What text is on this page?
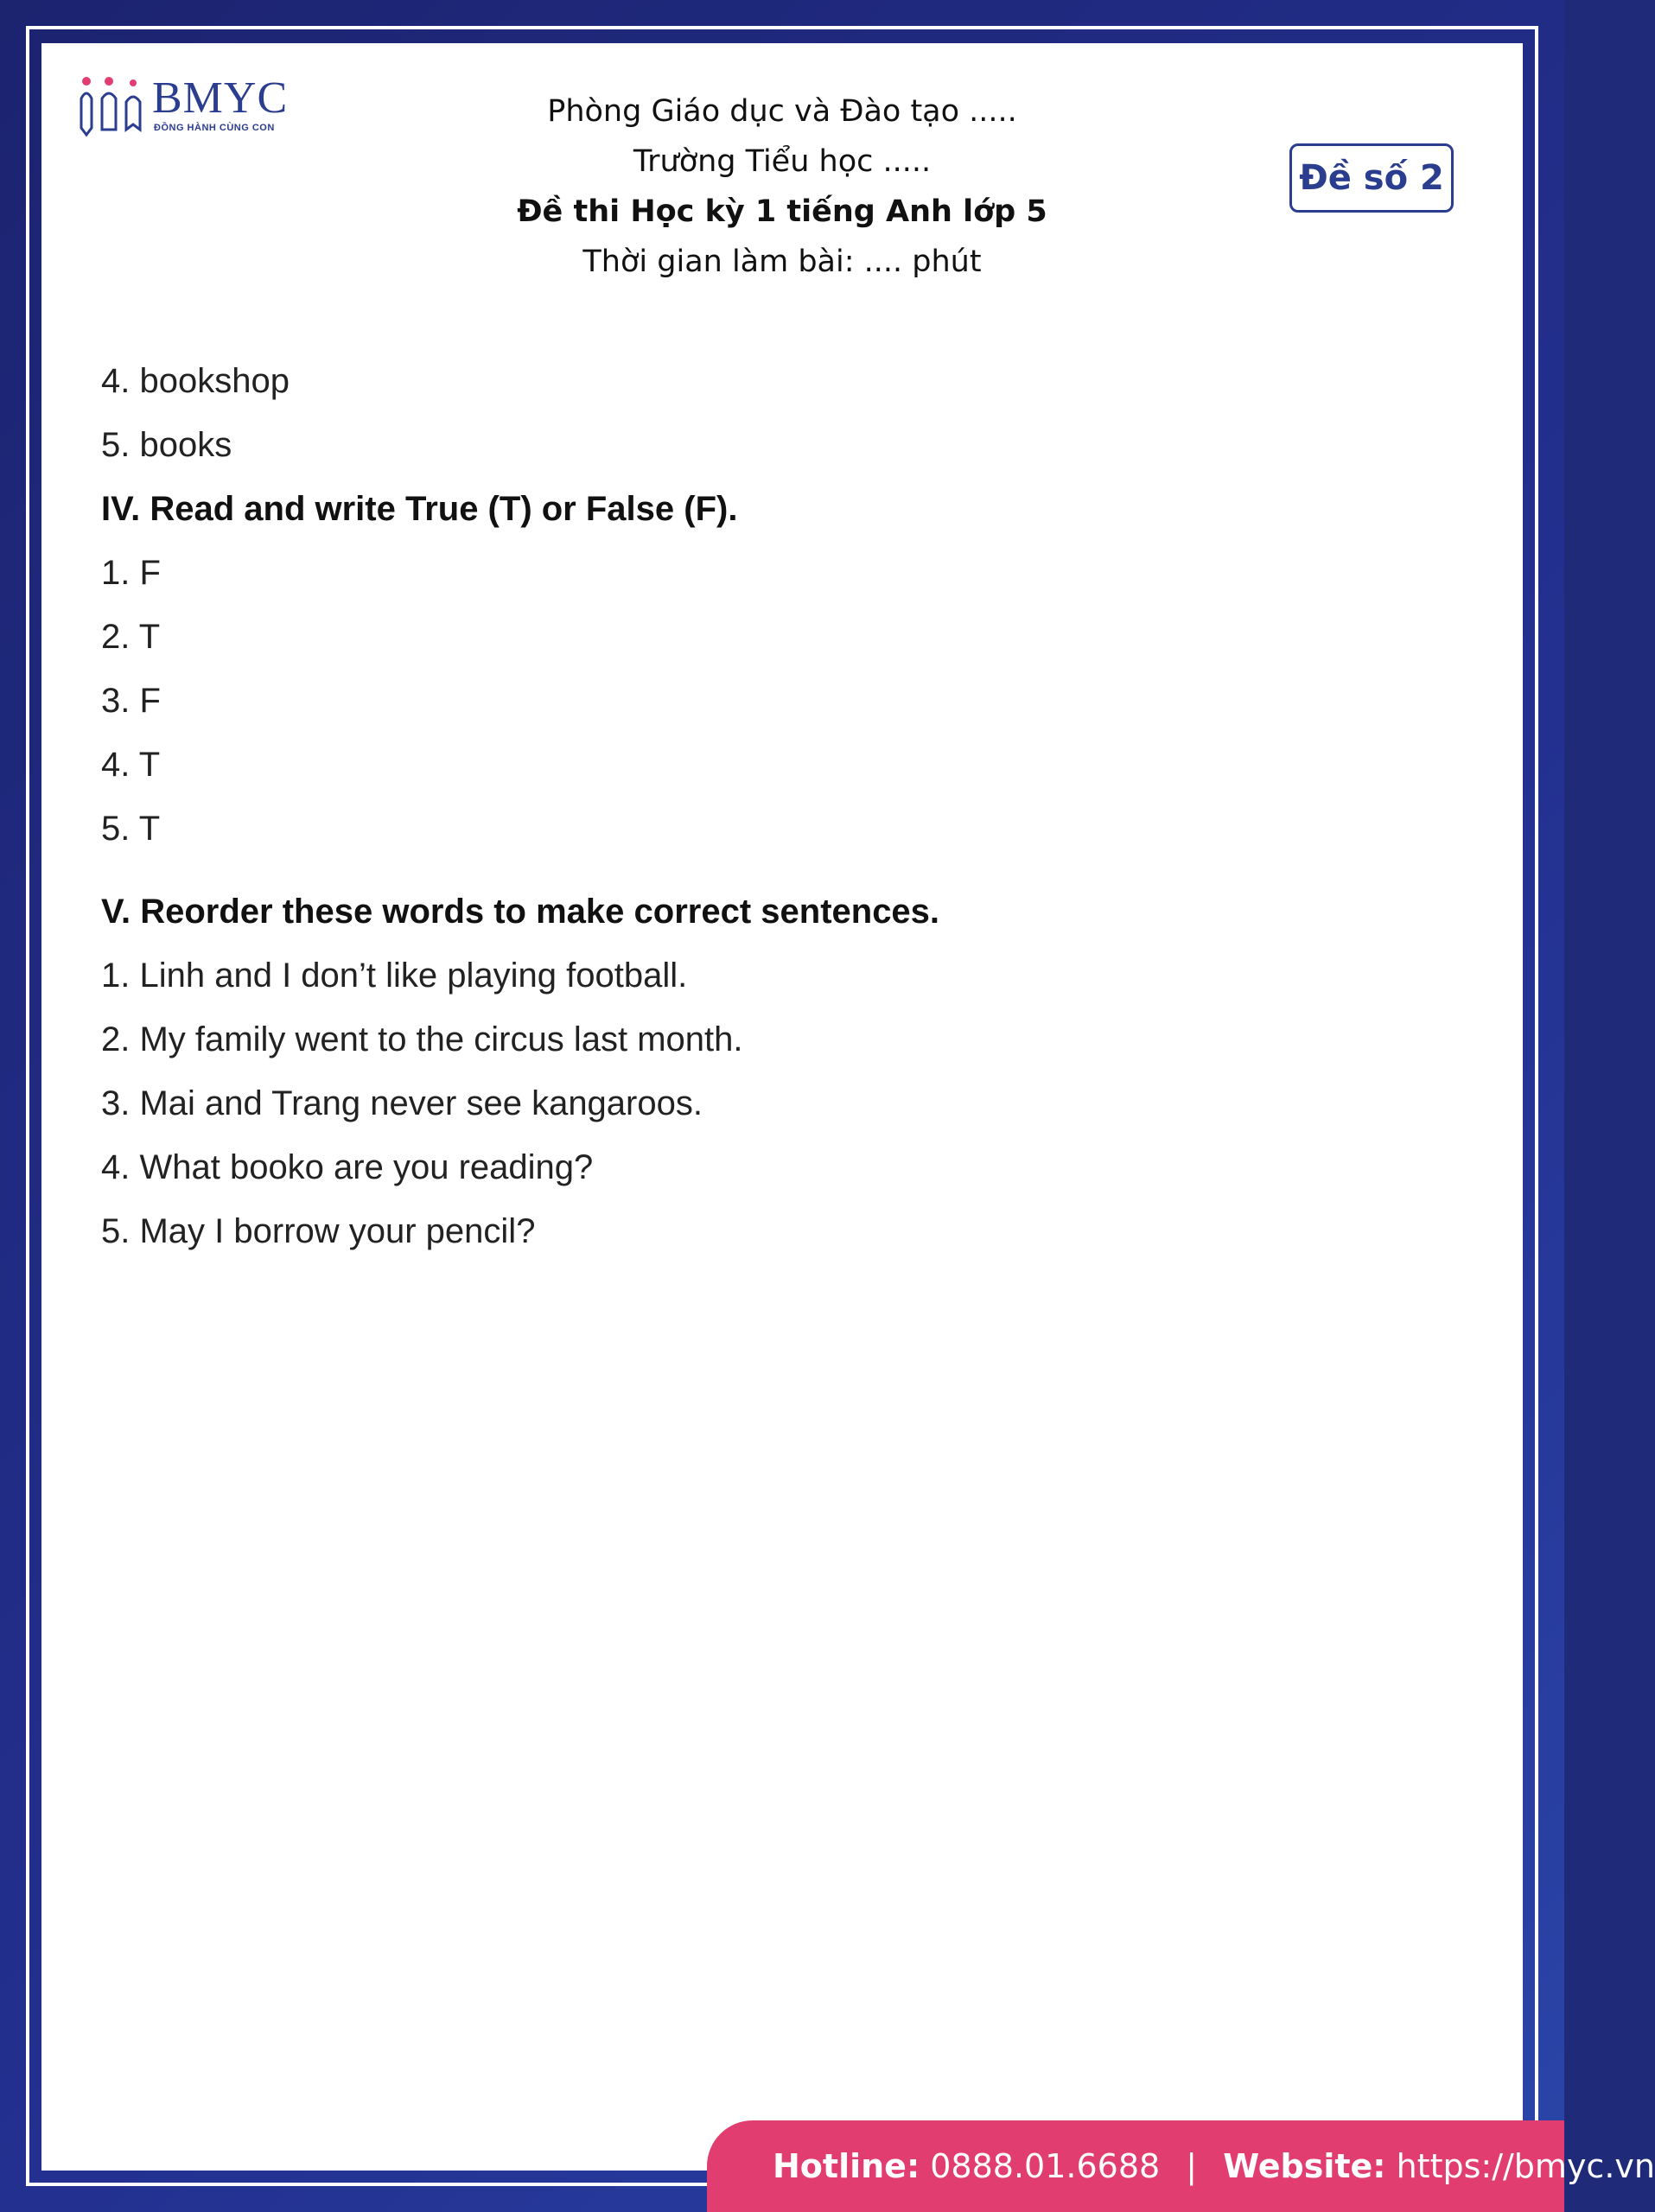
BMYC
ĐỒNG HÀNH CÙNG CON	Phòng Giáo dục và Đào tạo .....
Trường Tiểu học .....
Đề thi Học kỳ 1 tiếng Anh lớp 5
Thời gian làm bài: .... phút
Đề số 2
4. bookshop
5. books
IV. Read and write True (T) or False (F).
1. F
2. T
3. F
4. T
5. T
V. Reorder these words to make correct sentences.
1. Linh and I don’t like playing football.
2. My family went to the circus last month.
3. Mai and Trang never see kangaroos.
4. What booko are you reading?
5. May I borrow your pencil?
Hotline: 0888.01.6688 | Website: https://bmyc.vn
